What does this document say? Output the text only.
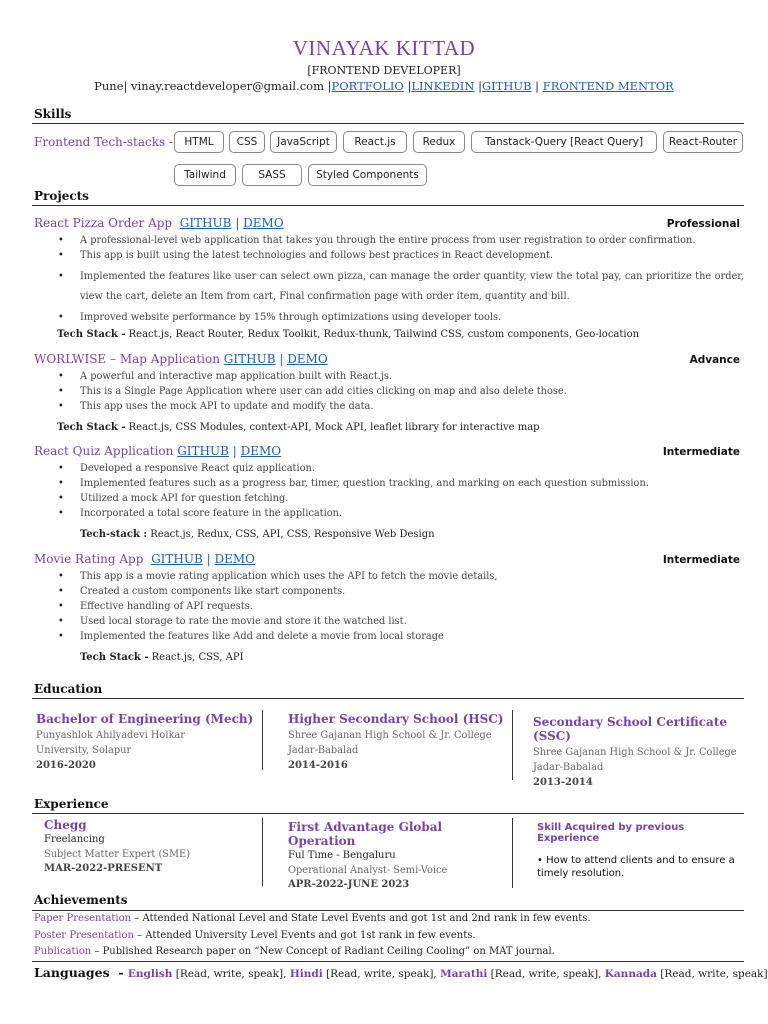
VINAYAK KITTAD
[FRONTEND DEVELOPER]
Pune| vinay.reactdeveloper@gmail.com |PORTFOLIO |LINKEDIN |GITHUB | FRONTEND MENTOR
Skills
Frontend Tech-stacks -	HTML	CSS	JavaScript	React.js	Redux	Tanstack-Query [React Query]	React-Router
Tailwind	SASS	Styled Components
Projects
React Pizza Order App GITHUB | DEMO	Professional
• A professional-level web application that takes you through the entire process from user registration to order confirmation.
• This app is built using the latest technologies and follows best practices in React development.
• Implemented the features like user can select own pizza, can manage the order quantity, view the total pay, can prioritize the order, view the cart, delete an Item from cart, Final confirmation page with order item, quantity and bill.
• Improved website performance by 15% through optimizations using developer tools.
Tech Stack - React.js, React Router, Redux Toolkit, Redux-thunk, Tailwind CSS, custom components, Geo-location
WORLWISE – Map Application GITHUB | DEMO	Advance
• A powerful and interactive map application built with React.js.
• This is a Single Page Application where user can add cities clicking on map and also delete those.
• This app uses the mock API to update and modify the data.
Tech Stack - React.js, CSS Modules, context-API, Mock API, leaflet library for interactive map
React Quiz Application GITHUB | DEMO	Intermediate
• Developed a responsive React quiz application.
• Implemented features such as a progress bar, timer, question tracking, and marking on each question submission.
• Utilized a mock API for question fetching.
• Incorporated a total score feature in the application.
Tech-stack : React.js, Redux, CSS, API, CSS, Responsive Web Design
Movie Rating App GITHUB | DEMO	Intermediate
• This app is a movie rating application which uses the API to fetch the movie details,
• Created a custom components like start components.
• Effective handling of API requests.
• Used local storage to rate the movie and store it the watched list.
• Implemented the features like Add and delete a movie from local storage
Tech Stack - React.js, CSS, API
Education
Bachelor of Engineering (Mech)
Punyashlok Ahilyadevi Holkar
University, Solapur
2016-2020
Higher Secondary School (HSC)
Shree Gajanan High School & Jr. College
Jadar-Babalad
2014-2016
Secondary School Certificate (SSC)
Shree Gajanan High School & Jr. College
Jadar-Babalad
2013-2014
Experience
Chegg
Freelancing
Subject Matter Expert (SME)
MAR-2022-PRESENT
First Advantage Global Operation
Ful Time - Bengaluru
Operational Analyst- Semi-Voice
APR-2022-JUNE 2023
Skill Acquired by previous Experience
• How to attend clients and to ensure a timely resolution.
Achievements
Paper Presentation – Attended National Level and State Level Events and got 1st and 2nd rank in few events.
Poster Presentation – Attended University Level Events and got 1st rank in few events.
Publication – Published Research paper on “New Concept of Radiant Ceiling Cooling” on MAT journal.
Languages  - English [Read, write, speak], Hindi [Read, write, speak], Marathi [Read, write, speak], Kannada [Read, write, speak]
